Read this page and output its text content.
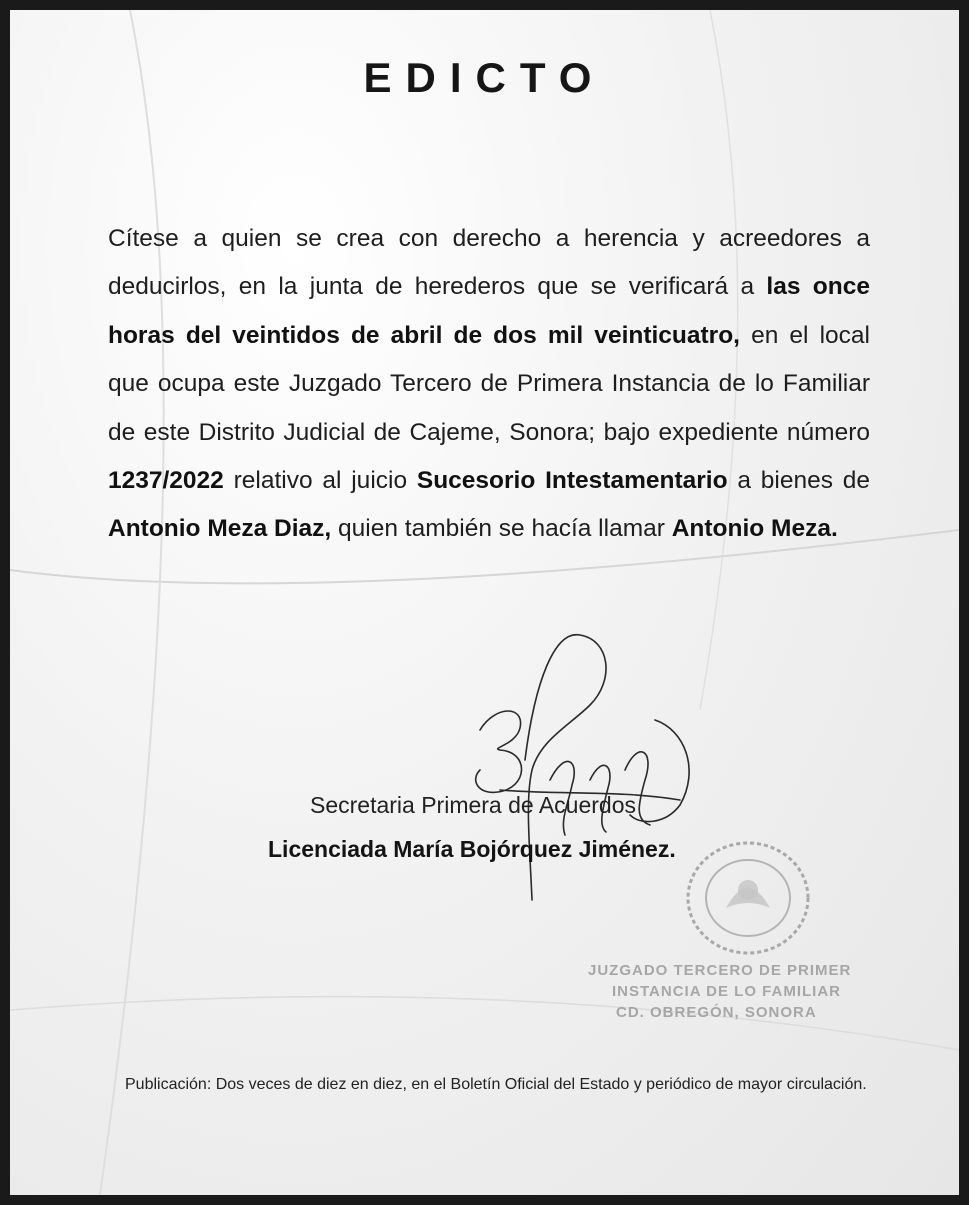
EDICTO
Cítese a quien se crea con derecho a herencia y acreedores a deducirlos, en la junta de herederos que se verificará a las once horas del veintidos de abril de dos mil veinticuatro, en el local que ocupa este Juzgado Tercero de Primera Instancia de lo Familiar de este Distrito Judicial de Cajeme, Sonora; bajo expediente número 1237/2022 relativo al juicio Sucesorio Intestamentario a bienes de Antonio Meza Diaz, quien también se hacía llamar Antonio Meza.
Secretaria Primera de Acuerdos
Licenciada María Bojórquez Jiménez.
JUZGADO TERCERO DE PRIMER
INSTANCIA DE LO FAMILIAR
CD. OBREGÓN, SONORA
Publicación: Dos veces de diez en diez, en el Boletín Oficial del Estado y periódico de mayor circulación.
